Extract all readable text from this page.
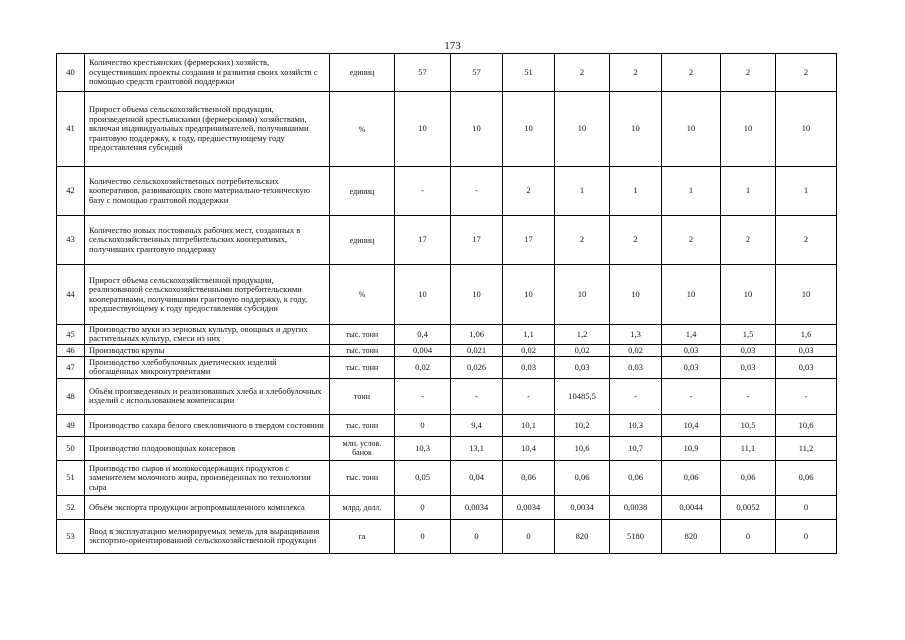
173
40	Количество крестьянских (фермерских) хозяйств, осуществивших проекты создания и развития своих хозяйств с помощью средств грантовой поддержки	единиц	57	57	51	2	2	2	2	2
41	Прирост объема сельскохозяйственной продукции, произведенной крестьянскими (фермерскими) хозяйствами, включая индивидуальных предпринимателей, получившими грантовую поддержку, к году, предшествующему году предоставления субсидий	%	10	10	10	10	10	10	10	10
42	Количество сельскохозяйственных потребительских кооперативов, развивающих свою материально-техническую базу с помощью грантовой поддержки	единиц	-	-	2	1	1	1	1	1
43	Количество новых постоянных рабочих мест, созданных в сельскохозяйственных потребительских кооперативах, получивших грантовую поддержку	единиц	17	17	17	2	2	2	2	2
44	Прирост объема сельскохозяйственной продукции, реализованной сельскохозяйственными потребительскими кооперативами, получившими грантовую поддержку, к году, предшествующему к году предоставления субсидии	%	10	10	10	10	10	10	10	10
45	Производство муки из зерновых культур, овощных и других растительных культур, смеси из них	тыс. тонн	0,4	1,06	1,1	1,2	1,3	1,4	1,5	1,6
46	Производство крупы	тыс. тонн	0,004	0,021	0,02	0,02	0,02	0,03	0,03	0,03
47	Производство хлебобулочных диетических изделий обогащённых микронутриентами	тыс. тонн	0,02	0,026	0,03	0,03	0,03	0,03	0,03	0,03
48	Объём произведенных и реализованных хлеба и хлебобулочных изделий с использованием компенсации	тонн	-	-	-	10485,5	-	-	-	-
49	Производство сахара белого свекловичного в твердом состоянии	тыс. тонн	0	9,4	10,1	10,2	10,3	10,4	10,5	10,6
50	Производство плодоовощных консервов	млн. услов. банок	10,3	13,1	10,4	10,6	10,7	10,9	11,1	11,2
51	Производство сыров и молокосодержащих продуктов с заменителем молочного жира, произведенных по технологии сыра	тыс. тонн	0,05	0,04	0,06	0,06	0,06	0,06	0,06	0,06
52	Объём экспорта продукции агропромышленного комплекса	млрд. долл.	0	0,0034	0,0034	0,0034	0,0038	0,0044	0,0052	0
53	Ввод в эксплуатацию мелиорируемых земель для выращивания экспортно-ориентированной сельскохозяйственной продукции	га	0	0	0	820	5180	820	0	0
